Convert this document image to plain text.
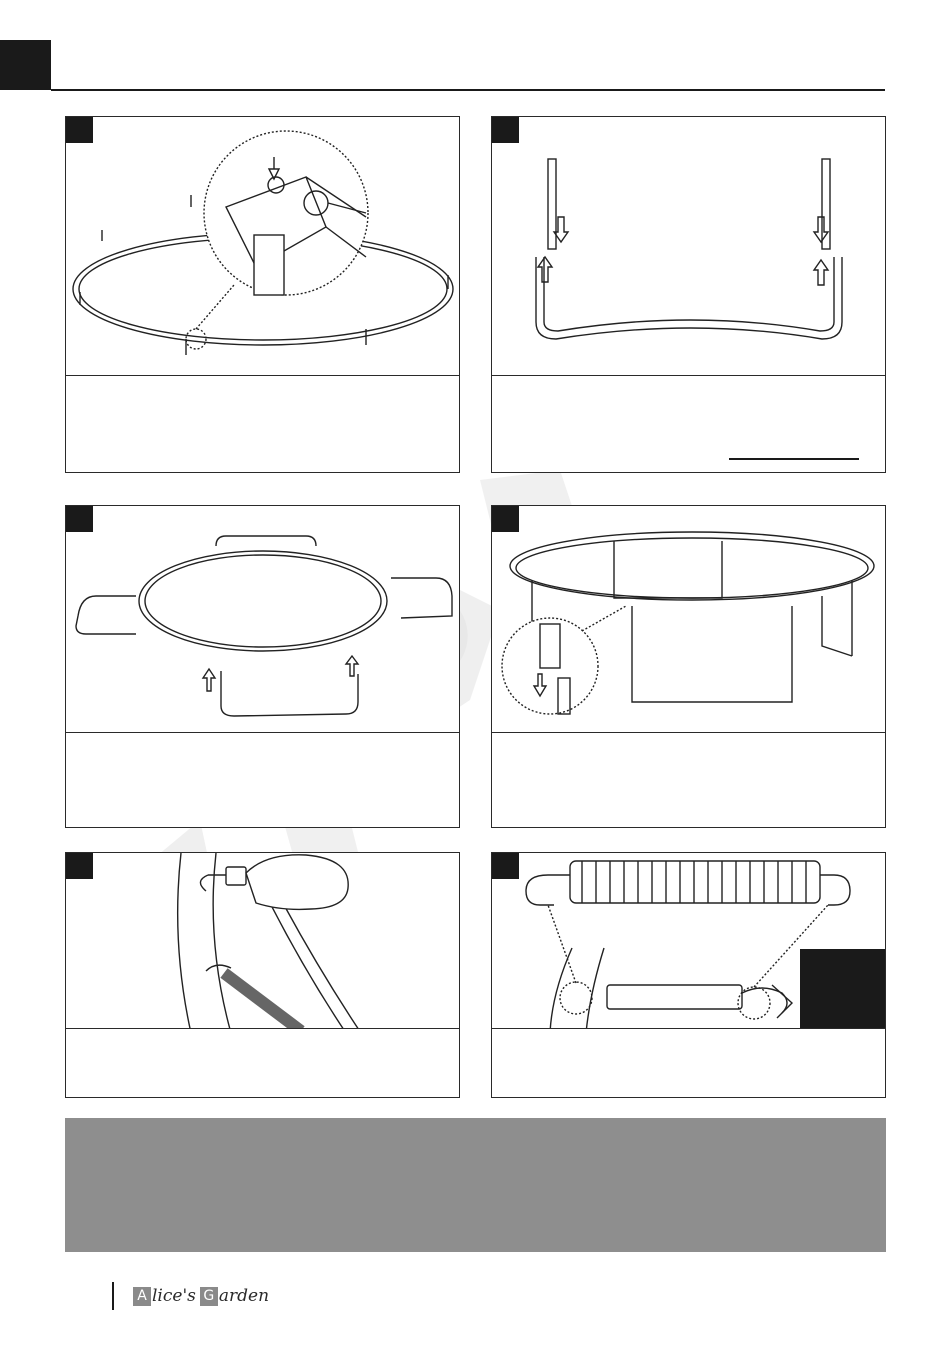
A lice's G arden
